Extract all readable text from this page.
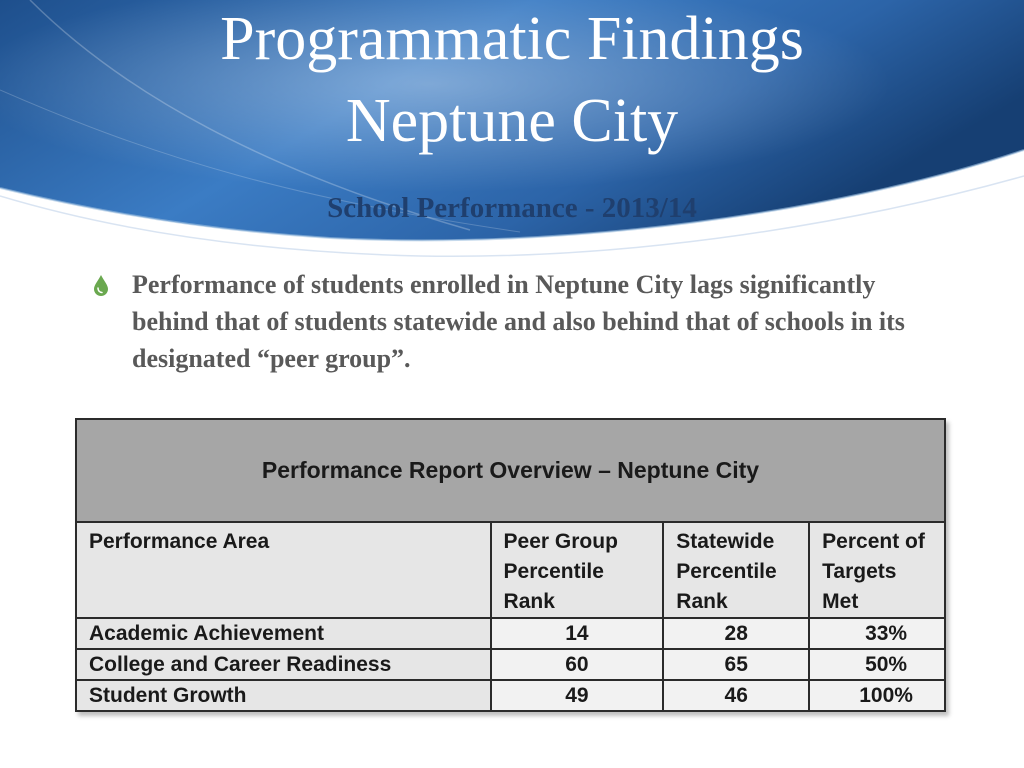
Programmatic Findings
Neptune City
School Performance - 2013/14
Performance of students enrolled in Neptune City lags significantly behind that of students statewide and also behind that of schools in its designated “peer group”.
Performance Report Overview – Neptune City			
Performance Area	Peer Group Percentile Rank	Statewide Percentile Rank	Percent of Targets Met
Academic Achievement	14	28	33%
College and Career Readiness	60	65	50%
Student Growth	49	46	100%
